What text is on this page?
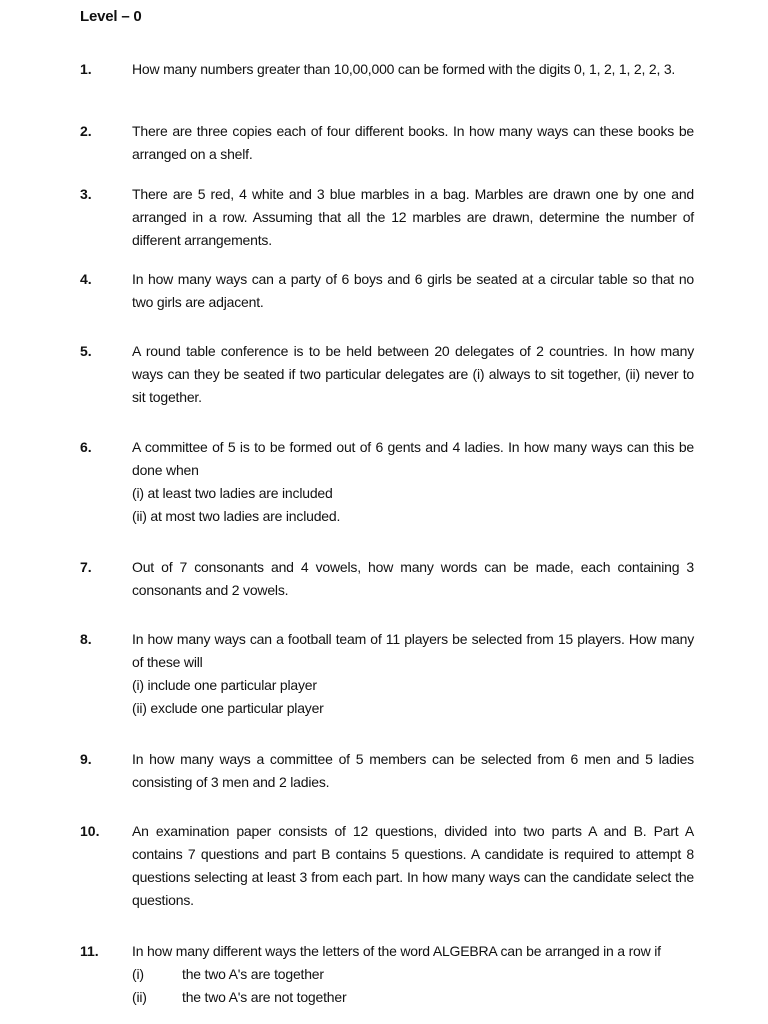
Level – 0
1.	How many numbers greater than 10,00,000 can be formed with the digits 0, 1, 2, 1, 2, 2, 3.

2.	There are three copies each of four different books. In how many ways can these books be arranged on a shelf.

3.	There are 5 red, 4 white and 3 blue marbles in a bag. Marbles are drawn one by one and arranged in a row. Assuming that all the 12 marbles are drawn, determine the number of different arrangements.

4.	In how many ways can a party of 6 boys and 6 girls be seated at a circular table so that no two girls are adjacent.

5.	A round table conference is to be held between 20 delegates of 2 countries. In how many ways can they be seated if two particular delegates are (i) always to sit together, (ii) never to sit together.

6.	A committee of 5 is to be formed out of 6 gents and 4 ladies. In how many ways can this be done when

(i) at least two ladies are included

(ii) at most two ladies are included.

7.	Out of 7 consonants and 4 vowels, how many words can be made, each containing 3 consonants and 2 vowels.

8.	In how many ways can a football team of 11 players be selected from 15 players. How many of these will

(i) include one particular player

(ii) exclude one particular player

9.	In how many ways a committee of 5 members can be selected from 6 men and 5 ladies consisting of 3 men and 2 ladies.

10. An examination paper consists of 12 questions, divided into two parts A and B. Part A contains 7 questions and part B contains 5 questions. A candidate is required to attempt 8 questions selecting at least 3 from each part. In how many ways can the candidate select the questions.

11. In how many different ways the letters of the word ALGEBRA can be arranged in a row if

(i)	the two A's are together
(ii)	the two A's are not together
